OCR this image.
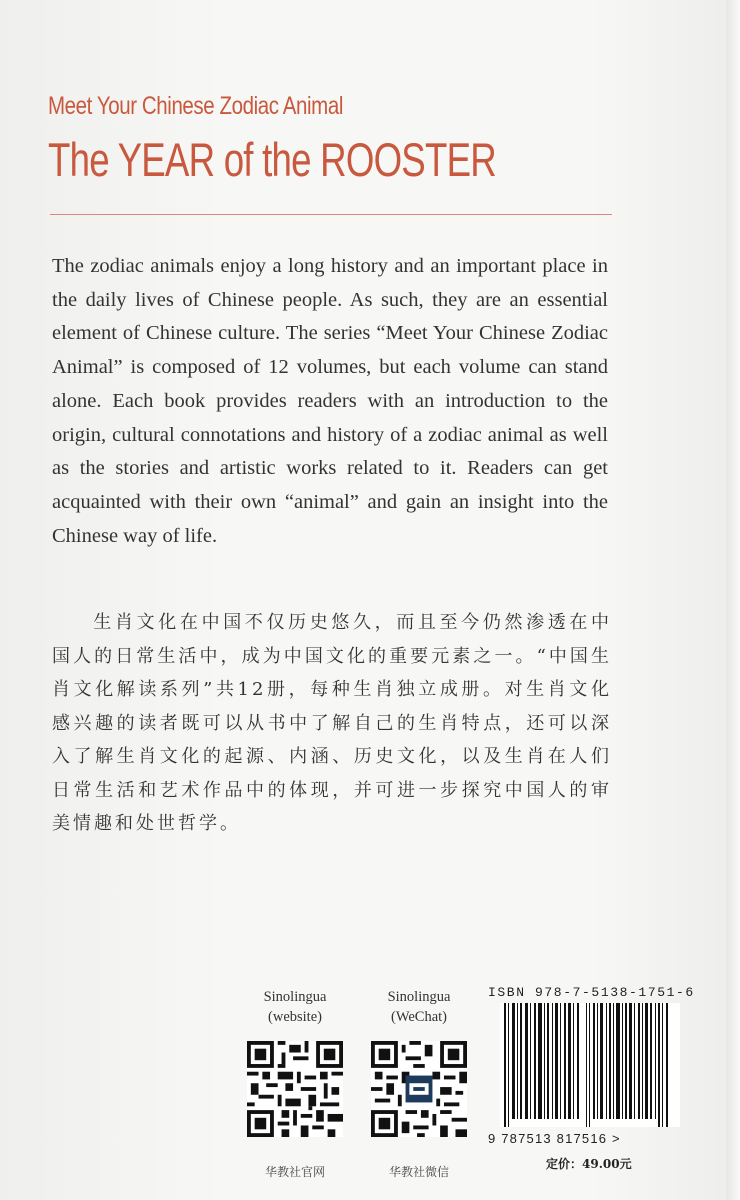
Meet Your Chinese Zodiac Animal
The YEAR of the ROOSTER

The zodiac animals enjoy a long history and an important place in the daily lives of Chinese people. As such, they are an essential element of Chinese culture. The series “Meet Your Chinese Zodiac Animal” is composed of 12 volumes, but each volume can stand alone. Each book provides readers with an introduction to the origin, cultural connotations and history of a zodiac animal as well as the stories and artistic works related to it. Readers can get acquainted with their own “animal” and gain an insight into the Chinese way of life.

生肖文化在中国不仅历史悠久，而且至今仍然渗透在中国人的日常生活中，成为中国文化的重要元素之一。“中国生肖文化解读系列”共12册，每种生肖独立成册。对生肖文化感兴趣的读者既可以从书中了解自己的生肖特点，还可以深入了解生肖文化的起源、内涵、历史文化，以及生肖在人们日常生活和艺术作品中的体现，并可进一步探究中国人的审美情趣和处世哲学。

Sinolingua
(website)
华教社官网
Sinolingua
(WeChat)
华教社微信
ISBN 978-7-5138-1751-6
9 787513 817516 >
定价：49.00元
